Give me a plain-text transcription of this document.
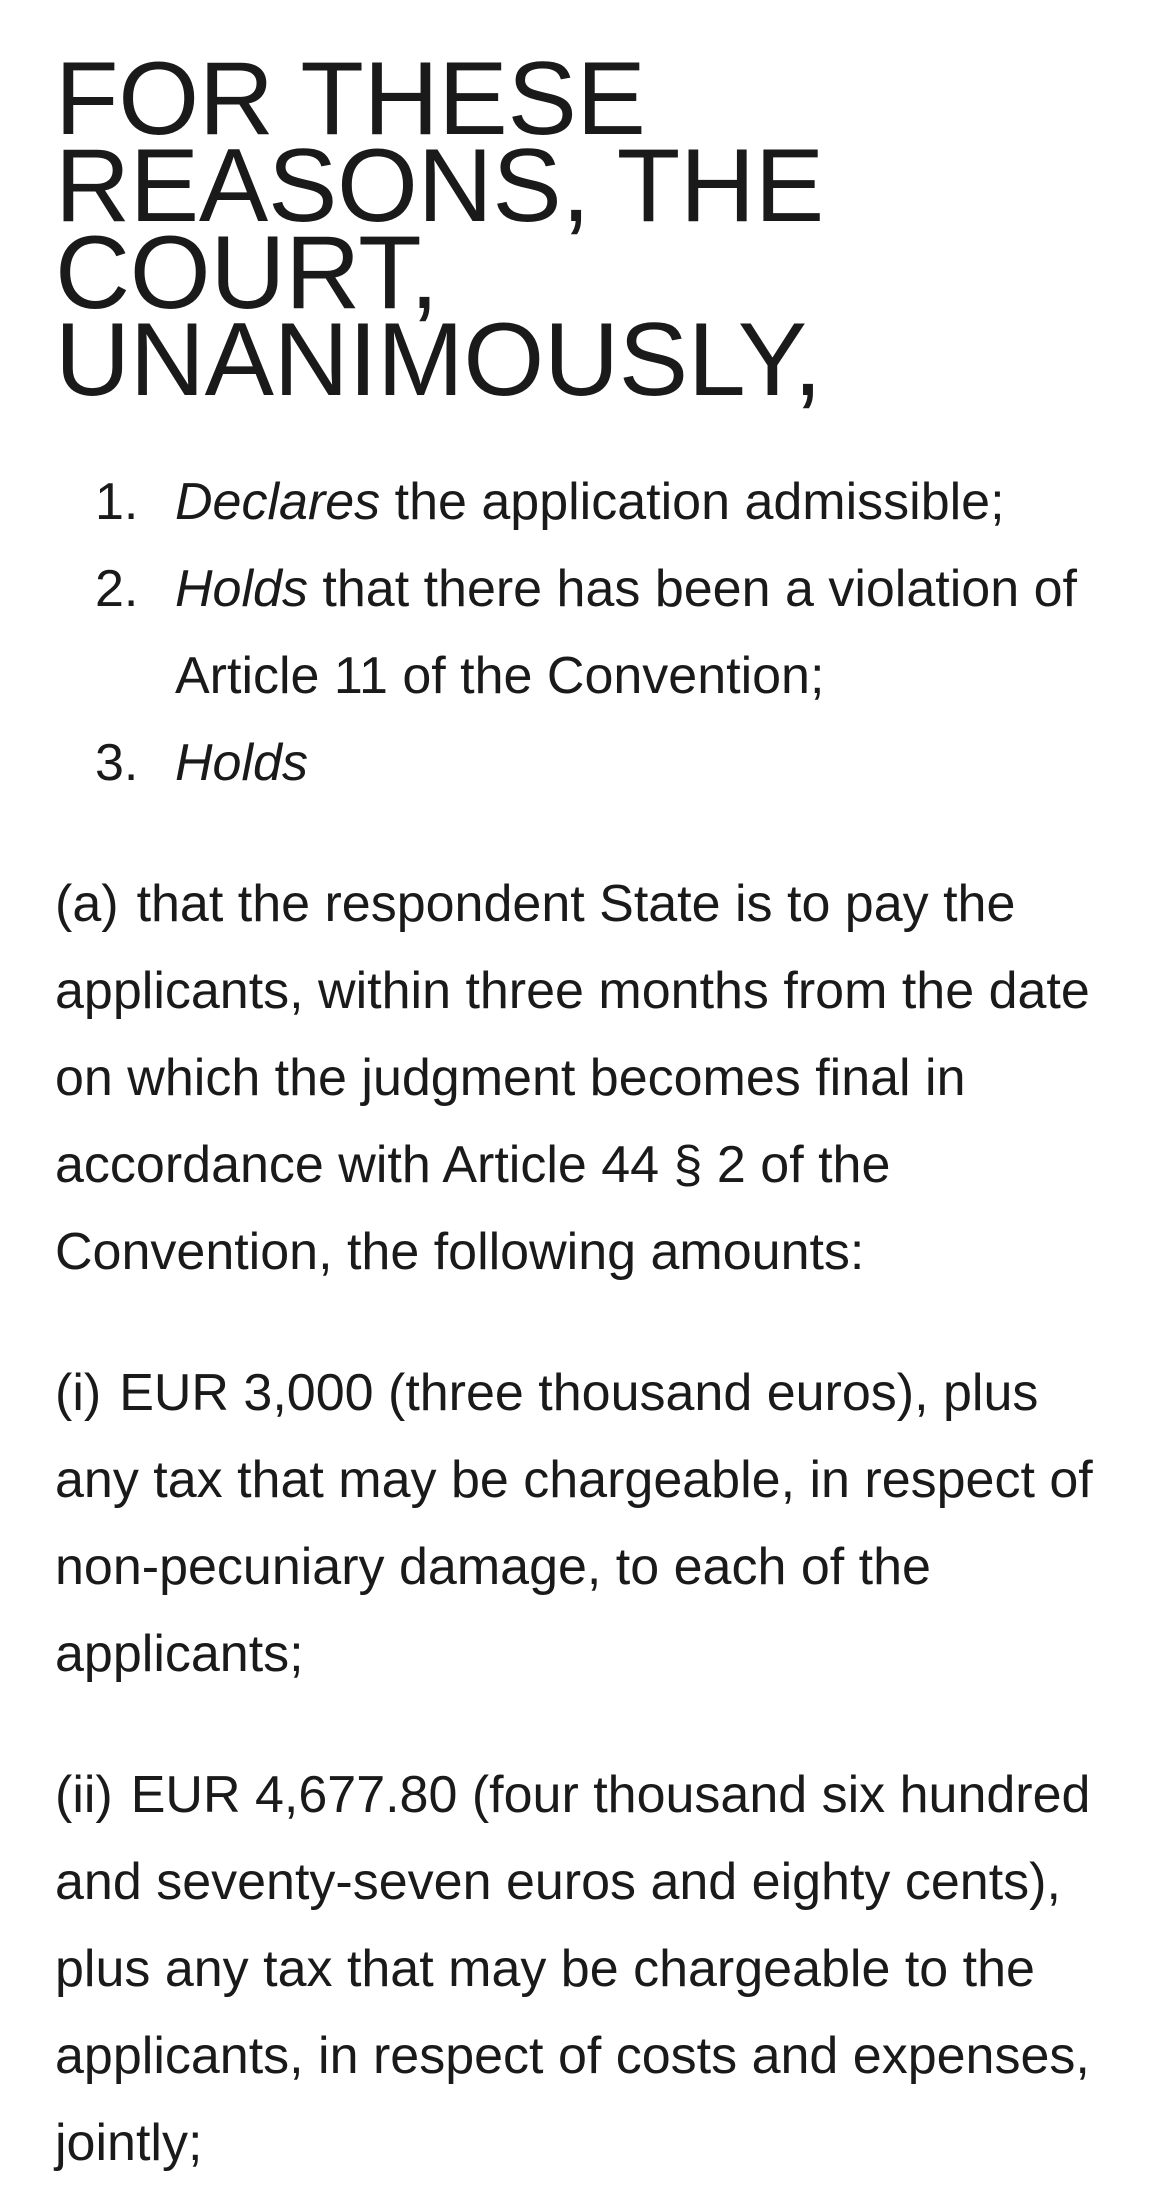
FOR THESE REASONS, THE COURT,
UNANIMOUSLY,
1. Declares the application admissible;
2. Holds that there has been a violation of Article 11 of the Convention;
3. Holds

(a) that the respondent State is to pay the applicants, within three months from the date on which the judgment becomes final in accordance with Article 44 § 2 of the Convention, the following amounts:

(i) EUR 3,000 (three thousand euros), plus any tax that may be chargeable, in respect of non-pecuniary damage, to each of the applicants;

(ii) EUR 4,677.80 (four thousand six hundred and seventy-seven euros and eighty cents), plus any tax that may be chargeable to the applicants, in respect of costs and expenses, jointly;
